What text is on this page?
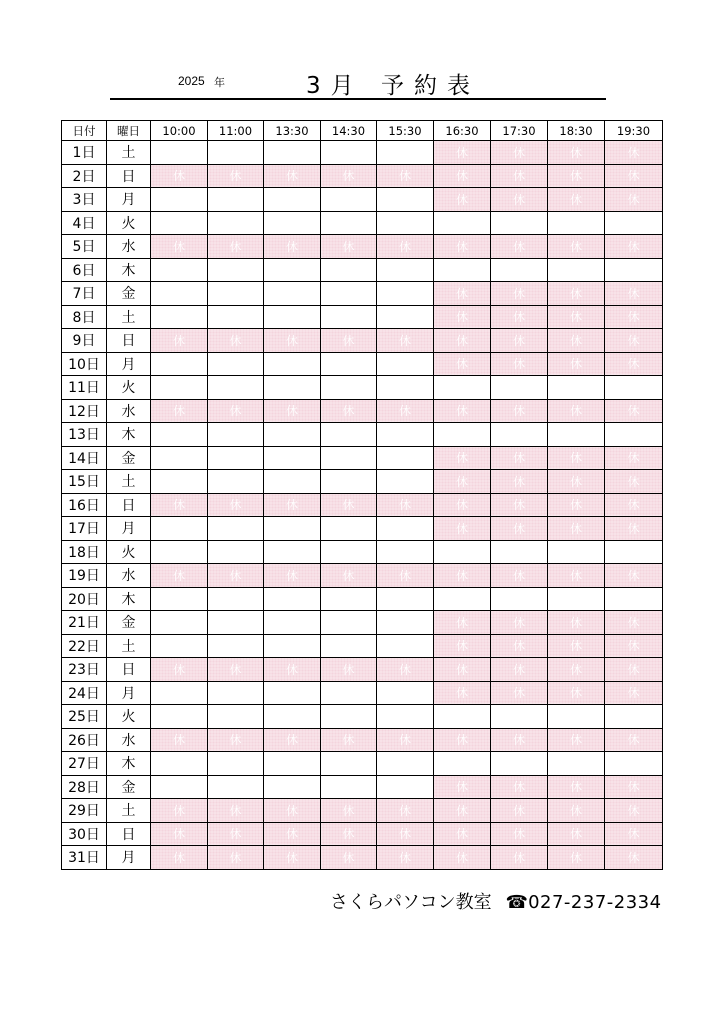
2025 年	3月 予約表
日付	曜日	10:00	11:00	13:30	14:30	15:30	16:30	17:30	18:30	19:30
1日	土						休	休	休	休
2日	日	休	休	休	休	休	休	休	休	休
3日	月						休	休	休	休
4日	火									
5日	水	休	休	休	休	休	休	休	休	休
6日	木									
7日	金						休	休	休	休
8日	土						休	休	休	休
9日	日	休	休	休	休	休	休	休	休	休
10日	月						休	休	休	休
11日	火									
12日	水	休	休	休	休	休	休	休	休	休
13日	木									
14日	金						休	休	休	休
15日	土						休	休	休	休
16日	日	休	休	休	休	休	休	休	休	休
17日	月						休	休	休	休
18日	火									
19日	水	休	休	休	休	休	休	休	休	休
20日	木									
21日	金						休	休	休	休
22日	土						休	休	休	休
23日	日	休	休	休	休	休	休	休	休	休
24日	月						休	休	休	休
25日	火									
26日	水	休	休	休	休	休	休	休	休	休
27日	木									
28日	金						休	休	休	休
29日	土	休	休	休	休	休	休	休	休	休
30日	日	休	休	休	休	休	休	休	休	休
31日	月	休	休	休	休	休	休	休	休	休
さくらパソコン教室 ☎027-237-2334
